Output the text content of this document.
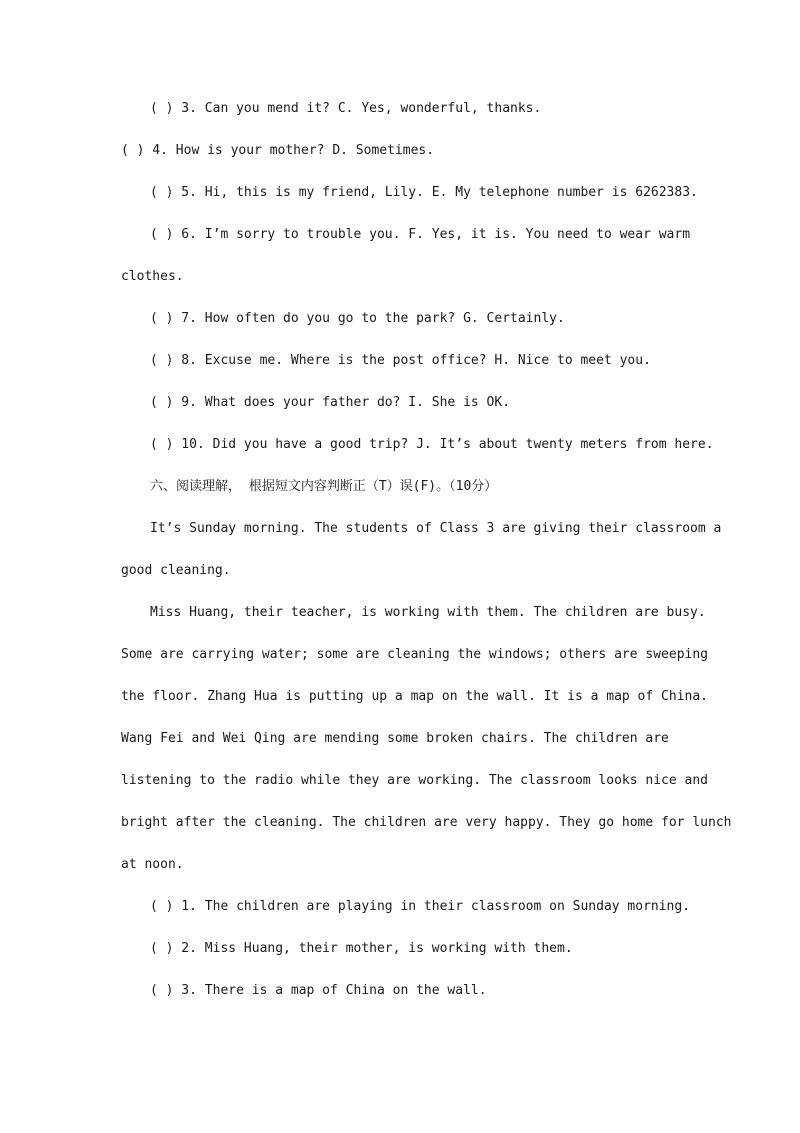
( ) 3. Can you mend it? C. Yes, wonderful, thanks.
( ) 4. How is your mother? D. Sometimes.
( ) 5. Hi, this is my friend, Lily. E. My telephone number is 6262383.
( ) 6. I’m sorry to trouble you. F. Yes, it is. You need to wear warm
clothes.
( ) 7. How often do you go to the park? G. Certainly.
( ) 8. Excuse me. Where is the post office? H. Nice to meet you.
( ) 9. What does your father do? I. She is OK.
( ) 10. Did you have a good trip? J. It’s about twenty meters from here.
六、阅读理解， 根据短文内容判断正（T）误(F)。（10分）
It’s Sunday morning. The students of Class 3 are giving their classroom a
good cleaning.
Miss Huang, their teacher, is working with them. The children are busy.
Some are carrying water; some are cleaning the windows; others are sweeping
the floor. Zhang Hua is putting up a map on the wall. It is a map of China.
Wang Fei and Wei Qing are mending some broken chairs. The children are
listening to the radio while they are working. The classroom looks nice and
bright after the cleaning. The children are very happy. They go home for lunch
at noon.
( ) 1. The children are playing in their classroom on Sunday morning.
( ) 2. Miss Huang, their mother, is working with them.
( ) 3. There is a map of China on the wall.
